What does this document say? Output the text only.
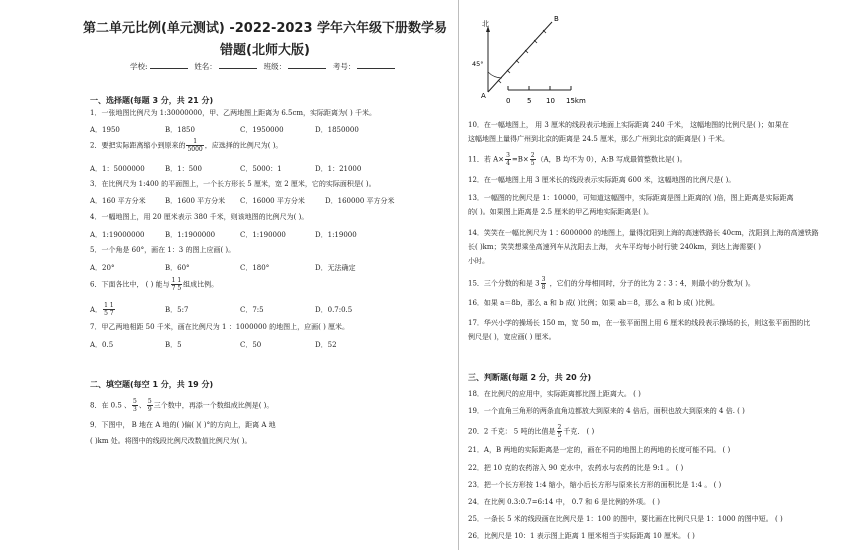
第二单元比例(单元测试) -2022-2023 学年六年级下册数学易错题(北师大版)
学校:	姓名：	班级：	考号：
一、选择题(每题 3 分，共 21 分)
1．一张地图比例尺为 1:30000000，甲、乙两地图上距离为 6.5cm，实际距离为( ) 千米。
A．1950	B．1850	C．1950000	D．1850000
2．要把实际距离缩小到原来的 $\frac{1}{5000}$ ，应选择的比例尺为( )。
A．1：5000000	B．1：500	C．5000：1	D．1：21000
3．在比例尺为 1:400 的平面图上，一个长方形长 5 厘米，宽 2 厘米，它的实际面积是( )。
A．160 平方分米	B．1600 平方分米 C．16000 平方分米	D．160000 平方分米
4．一幅地图上，用 20 厘米表示 380 千米，则该地图的比例尺为( )。
A．1:19000000	B．1:1900000	C．1:190000	D．1:19000
5．一个角是 60°，画在 1：3 的图上应画( )。
A．20°	B．60°	C．180°	D．无法确定
6．下面各比中， ( ) 能与 $\frac{1 1}{7 5}$ 组成比例。
A． $\frac{1 1}{5 7}$	B．5:7	C．7:5	D．0.7:0.5
7．甲乙两地相距 50 千米，画在比例尺为 1 ：1000000 的地图上，应画( ) 厘米。
A．0.5	B．5	C．50	D．52
二、填空题(每空 1 分，共 19 分)
8．在 0.5 、 $\frac{5}{3}$ 、 $\frac{5}{9}$ 三个数中，再添一个数组成比例是( )。
9．下图中， B 地在 A 地的( )偏( )( )°的方向上，距离 A 地
( )km 处。将图中的线段比例尺改数值比例尺为( )。
北
45°
A
B
0 5 10 15km
10．在一幅地图上， 用 3 厘米的线段表示地面上实际距离 240 千米， 这幅地图的比例尺是( )；如果在
这幅地图上量得广州到北京的距离是 24.5 厘米，那么广州到北京的距离是( ) 千米。
11．若 $A\times \frac{3}{4} =B\times \frac{2}{5} (A$，B 均不为 0），A:B 写成最简整数比是( )。
12．在一幅地图上用 3 厘米长的线段表示实际距离 600 米，这幅地图的比例尺是( )。
13．一幅图的比例尺是 1：10000，可知道这幅图中，实际距离是图上距离的( )倍，图上距离是实际距离
的( )。如果图上距离是 2.5 厘米的甲乙两地实际距离是( )。
14．笑笑在一幅比例尺为 1∶6000000 的地图上，量得沈阳到上海的高速铁路长 40cm，沈阳到上海的高速铁路
长( )km；笑笑想乘坐高速列车从沈阳去上海， 火车平均每小时行驶 240km，到达上海需要( )
小时。
15．三个分数的和是 $3 \frac{3}{8}$ ，它们的分母相同时，分子的比为 2∶3∶4，则最小的分数为( )。
16．如果 a＝8b，那么 a 和 b 成( )比例；如果 ab＝8，那么 a 和 b 成( )比例。
17．华兴小学的操场长 150 m，宽 50 m，在一张平面图上用 6 厘米的线段表示操场的长，则这张平面图的比
例尺是( )，宽应画( ) 厘米。
三、判断题(每题 2 分，共 20 分)
18．在比例尺的应用中，实际距离都比图上距离大。 ( )
19．一个直角三角形的两条直角边都放大到原来的 4 倍后，面积也放大到原来的 4 倍. ( )
20．2 千克： 5 吨的比值是 $\frac{2}{5}$ 千克． ( )
21．A，B 两地的实际距离是一定的，画在不同的地图上的两地的长度可能不同。 ( )
22．把 10 克的农药溶入 90 克水中，农药水与农药的比是 9:1 。 ( )
23．把一个长方形按 1:4 缩小，缩小后长方形与原来长方形的面积比是 1:4 。 ( )
24．在比例 0.3:0.7=6:14 中， 0.7 和 6 是比例的外项。 ( )
25．一条长 5 米的线段画在比例尺是 1：100 的图中，要比画在比例尺只是 1：1000 的图中短。 ( )
26．比例尺是 10：1 表示图上距离 1 厘米相当于实际距离 10 厘米。 ( )
